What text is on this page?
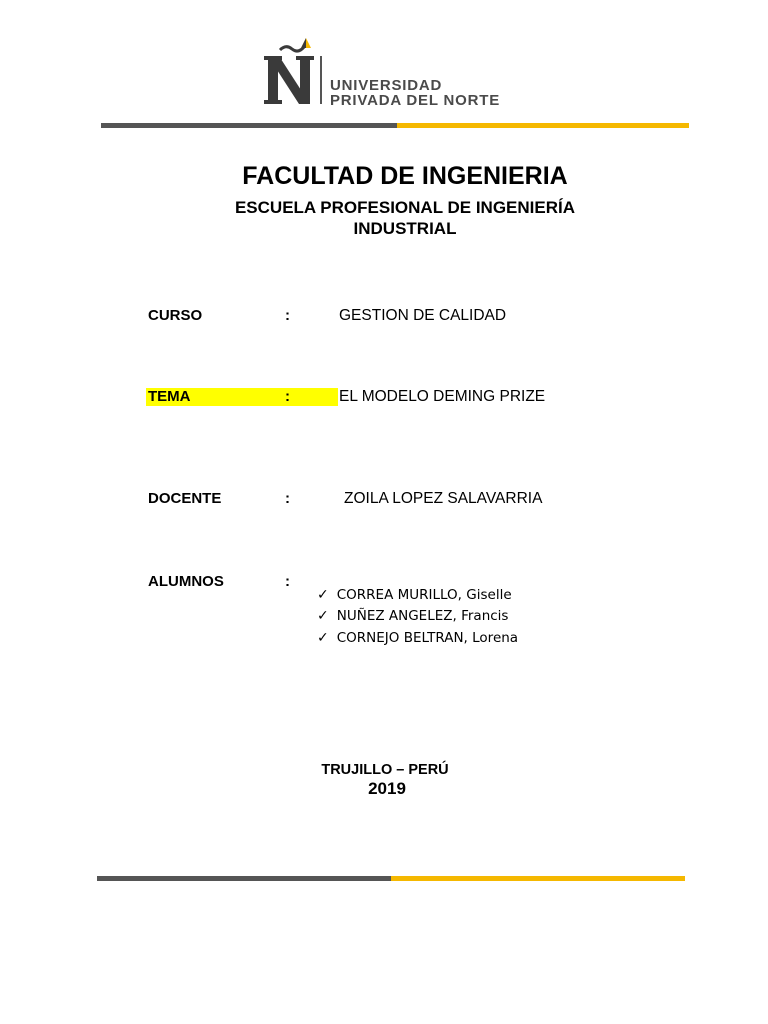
UNIVERSIDAD
PRIVADA DEL NORTE
FACULTAD DE INGENIERIA
ESCUELA PROFESIONAL DE INGENIERÍA
INDUSTRIAL
CURSO	:	GESTION DE CALIDAD
TEMA	:	EL MODELO DEMING PRIZE
DOCENTE	:	ZOILA LOPEZ SALAVARRIA
ALUMNOS	:
✓ CORREA MURILLO, Giselle
✓ NUÑEZ ANGELEZ, Francis
✓ CORNEJO BELTRAN, Lorena
TRUJILLO – PERÚ
2019
